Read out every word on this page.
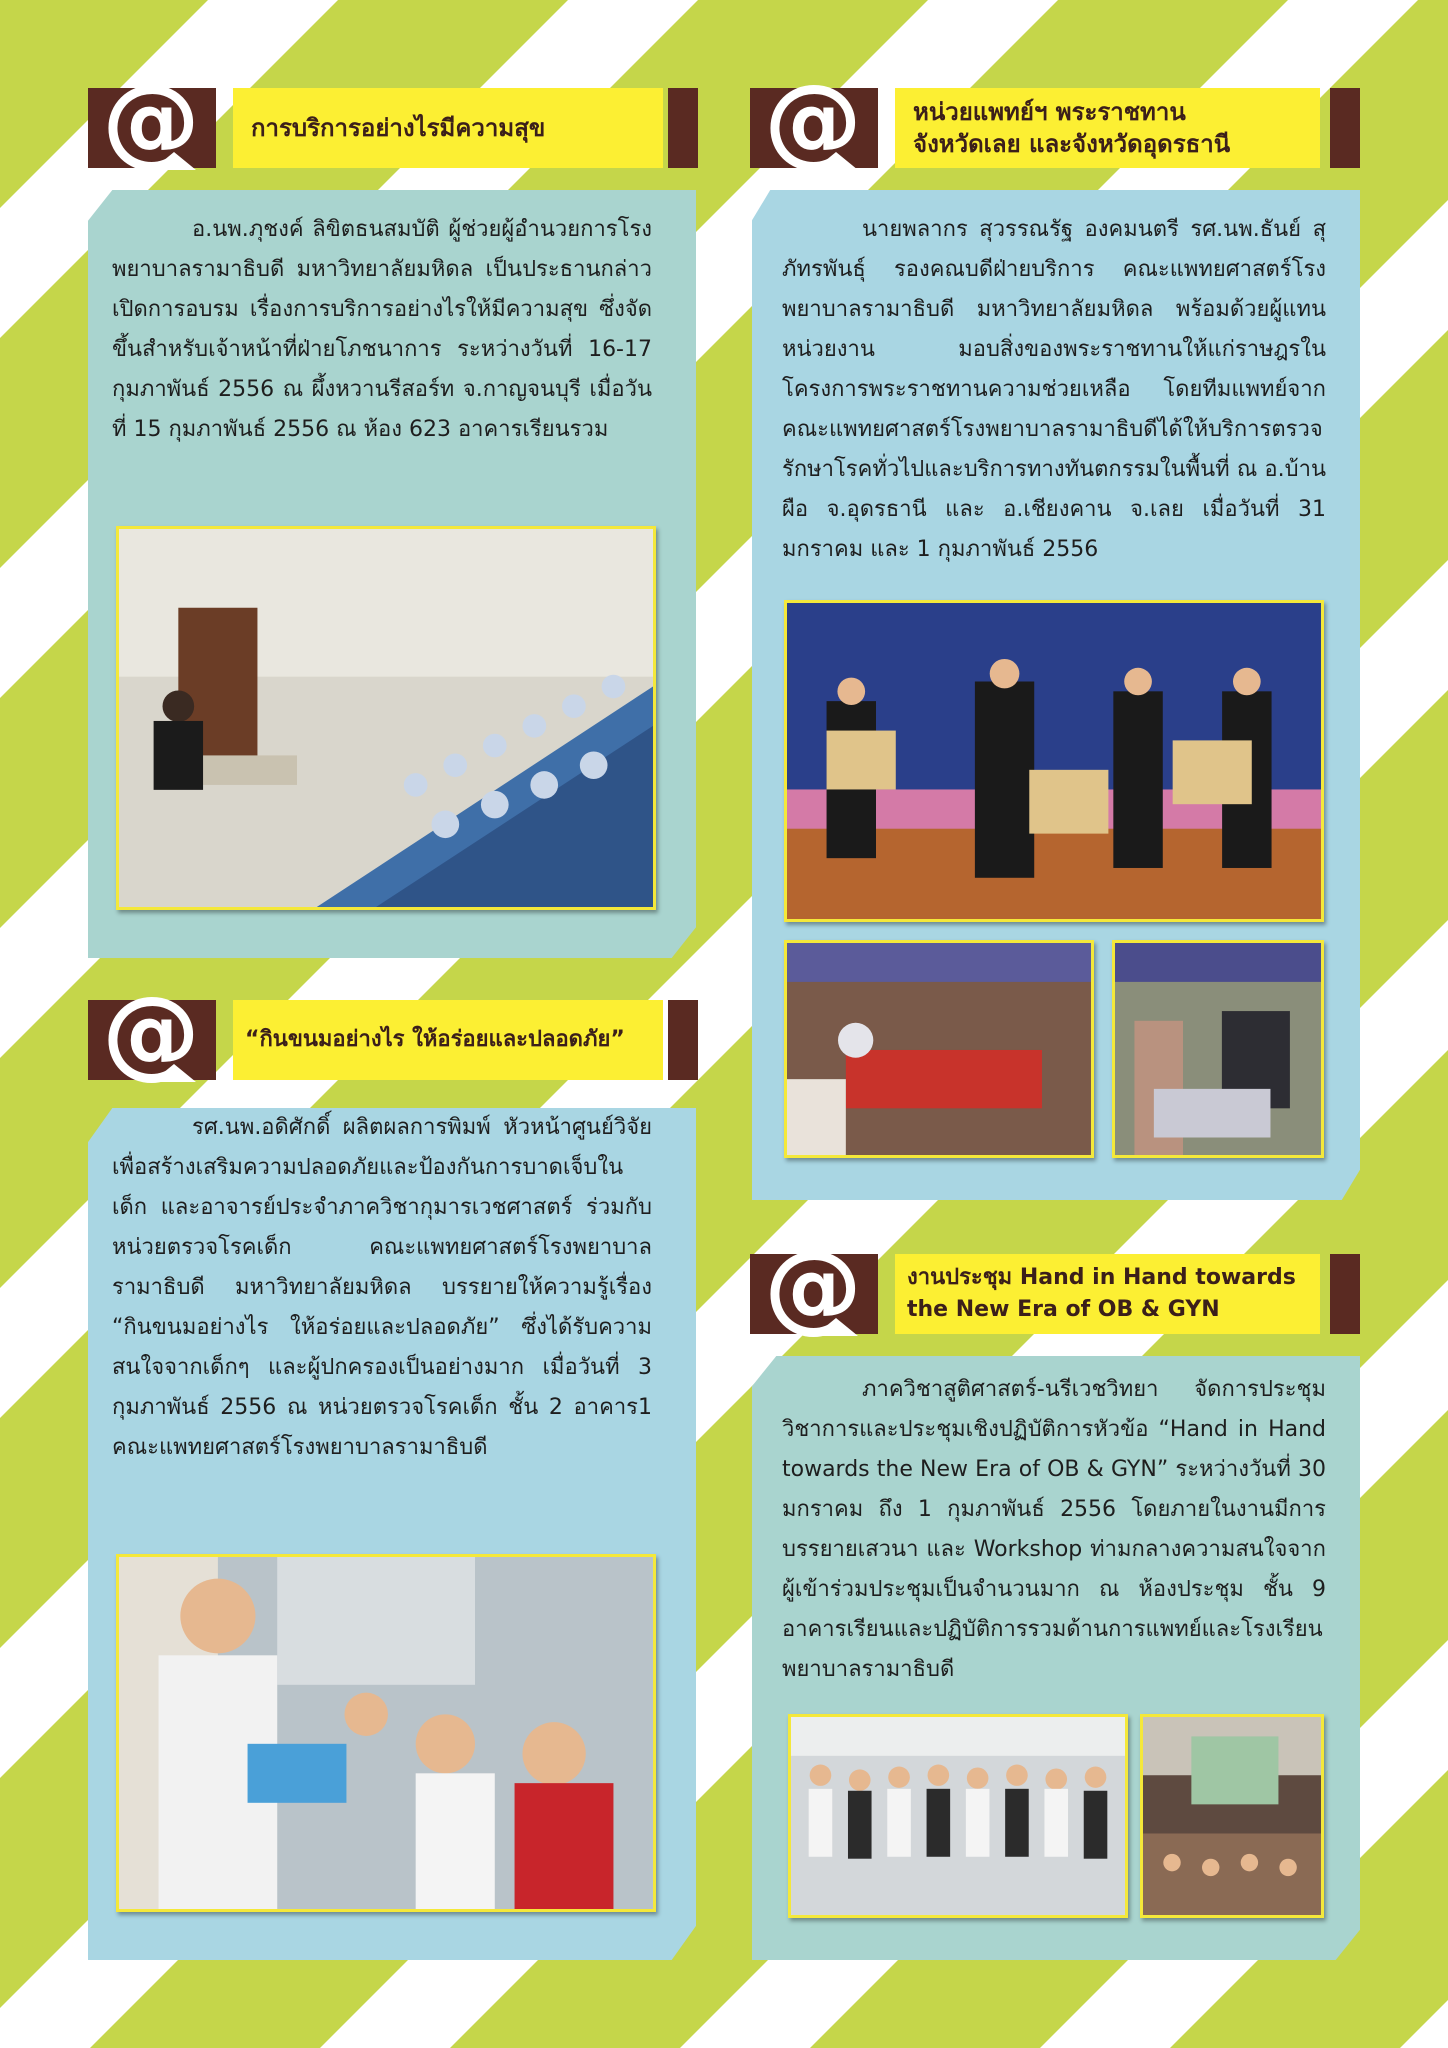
@ การบริการอย่างไรมีความสุข

อ.นพ.ภุชงค์ ลิขิตธนสมบัติ ผู้ช่วยผู้อำนวยการโรงพยาบาลรามาธิบดี มหาวิทยาลัยมหิดล เป็นประธานกล่าวเปิดการอบรม เรื่องการบริการอย่างไรให้มีความสุข ซึ่งจัดขึ้นสำหรับเจ้าหน้าที่ฝ่ายโภชนาการ ระหว่างวันที่ 16-17 กุมภาพันธ์ 2556 ณ ผึ้งหวานรีสอร์ท จ.กาญจนบุรี เมื่อวันที่ 15 กุมภาพันธ์ 2556 ณ ห้อง 623 อาคารเรียนรวม

@ หน่วยแพทย์ฯ พระราชทาน
จังหวัดเลย และจังหวัดอุดรธานี

นายพลากร สุวรรณรัฐ องคมนตรี รศ.นพ.ธันย์ สุภัทรพันธุ์ รองคณบดีฝ่ายบริการ คณะแพทยศาสตร์โรงพยาบาลรามาธิบดี มหาวิทยาลัยมหิดล พร้อมด้วยผู้แทนหน่วยงาน มอบสิ่งของพระราชทานให้แก่ราษฎรในโครงการพระราชทานความช่วยเหลือ โดยทีมแพทย์จากคณะแพทยศาสตร์โรงพยาบาลรามาธิบดีได้ให้บริการตรวจรักษาโรคทั่วไปและบริการทางทันตกรรมในพื้นที่ ณ อ.บ้านผือ จ.อุดรธานี และ อ.เชียงคาน จ.เลย เมื่อวันที่ 31 มกราคม และ 1 กุมภาพันธ์ 2556

@ “กินขนมอย่างไร ให้อร่อยและปลอดภัย”

รศ.นพ.อดิศักดิ์ ผลิตผลการพิมพ์ หัวหน้าศูนย์วิจัยเพื่อสร้างเสริมความปลอดภัยและป้องกันการบาดเจ็บในเด็ก และอาจารย์ประจำภาควิชากุมารเวชศาสตร์ ร่วมกับหน่วยตรวจโรคเด็ก คณะแพทยศาสตร์โรงพยาบาลรามาธิบดี มหาวิทยาลัยมหิดล บรรยายให้ความรู้เรื่อง “กินขนมอย่างไร ให้อร่อยและปลอดภัย” ซึ่งได้รับความสนใจจากเด็กๆ และผู้ปกครองเป็นอย่างมาก เมื่อวันที่ 3 กุมภาพันธ์ 2556 ณ หน่วยตรวจโรคเด็ก ชั้น 2 อาคาร1 คณะแพทยศาสตร์โรงพยาบาลรามาธิบดี

@ งานประชุม Hand in Hand towards
the New Era of OB & GYN

ภาควิชาสูติศาสตร์-นรีเวชวิทยา จัดการประชุมวิชาการและประชุมเชิงปฏิบัติการหัวข้อ “Hand in Hand towards the New Era of OB & GYN” ระหว่างวันที่ 30 มกราคม ถึง 1 กุมภาพันธ์ 2556 โดยภายในงานมีการบรรยายเสวนา และ Workshop ท่ามกลางความสนใจจากผู้เข้าร่วมประชุมเป็นจำนวนมาก ณ ห้องประชุม ชั้น 9 อาคารเรียนและปฏิบัติการรวมด้านการแพทย์และโรงเรียนพยาบาลรามาธิบดี
